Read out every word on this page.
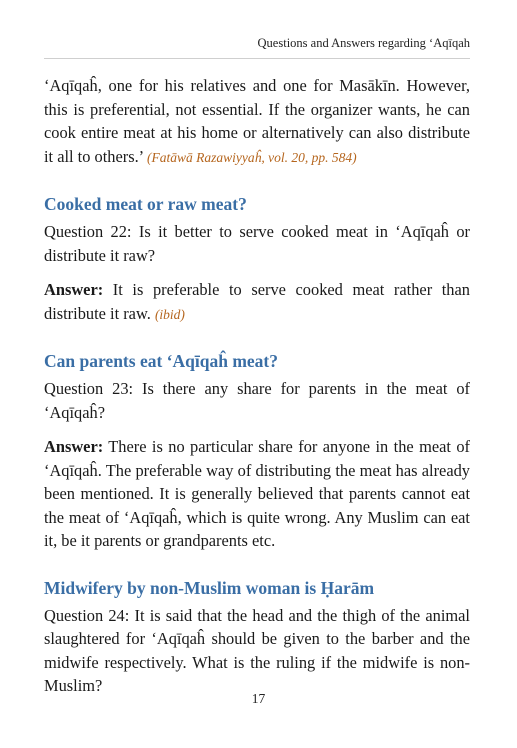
Questions and Answers regarding ‘Aqīqah

‘Aqīqaĥ, one for his relatives and one for Masākīn. However, this is preferential, not essential. If the organizer wants, he can cook entire meat at his home or alternatively can also distribute it all to others.’ (Fatāwā Razawiyyaĥ, vol. 20, pp. 584)

Cooked meat or raw meat?

Question 22: Is it better to serve cooked meat in ‘Aqīqaĥ or distribute it raw?

Answer: It is preferable to serve cooked meat rather than distribute it raw. (ibid)

Can parents eat ‘Aqīqaĥ meat?

Question 23: Is there any share for parents in the meat of ‘Aqīqaĥ?

Answer: There is no particular share for anyone in the meat of ‘Aqīqaĥ. The preferable way of distributing the meat has already been mentioned. It is generally believed that parents cannot eat the meat of ‘Aqīqaĥ, which is quite wrong. Any Muslim can eat it, be it parents or grandparents etc.

Midwifery by non-Muslim woman is Ḥarām

Question 24: It is said that the head and the thigh of the animal slaughtered for ‘Aqīqaĥ should be given to the barber and the midwife respectively. What is the ruling if the midwife is non-Muslim?

17
